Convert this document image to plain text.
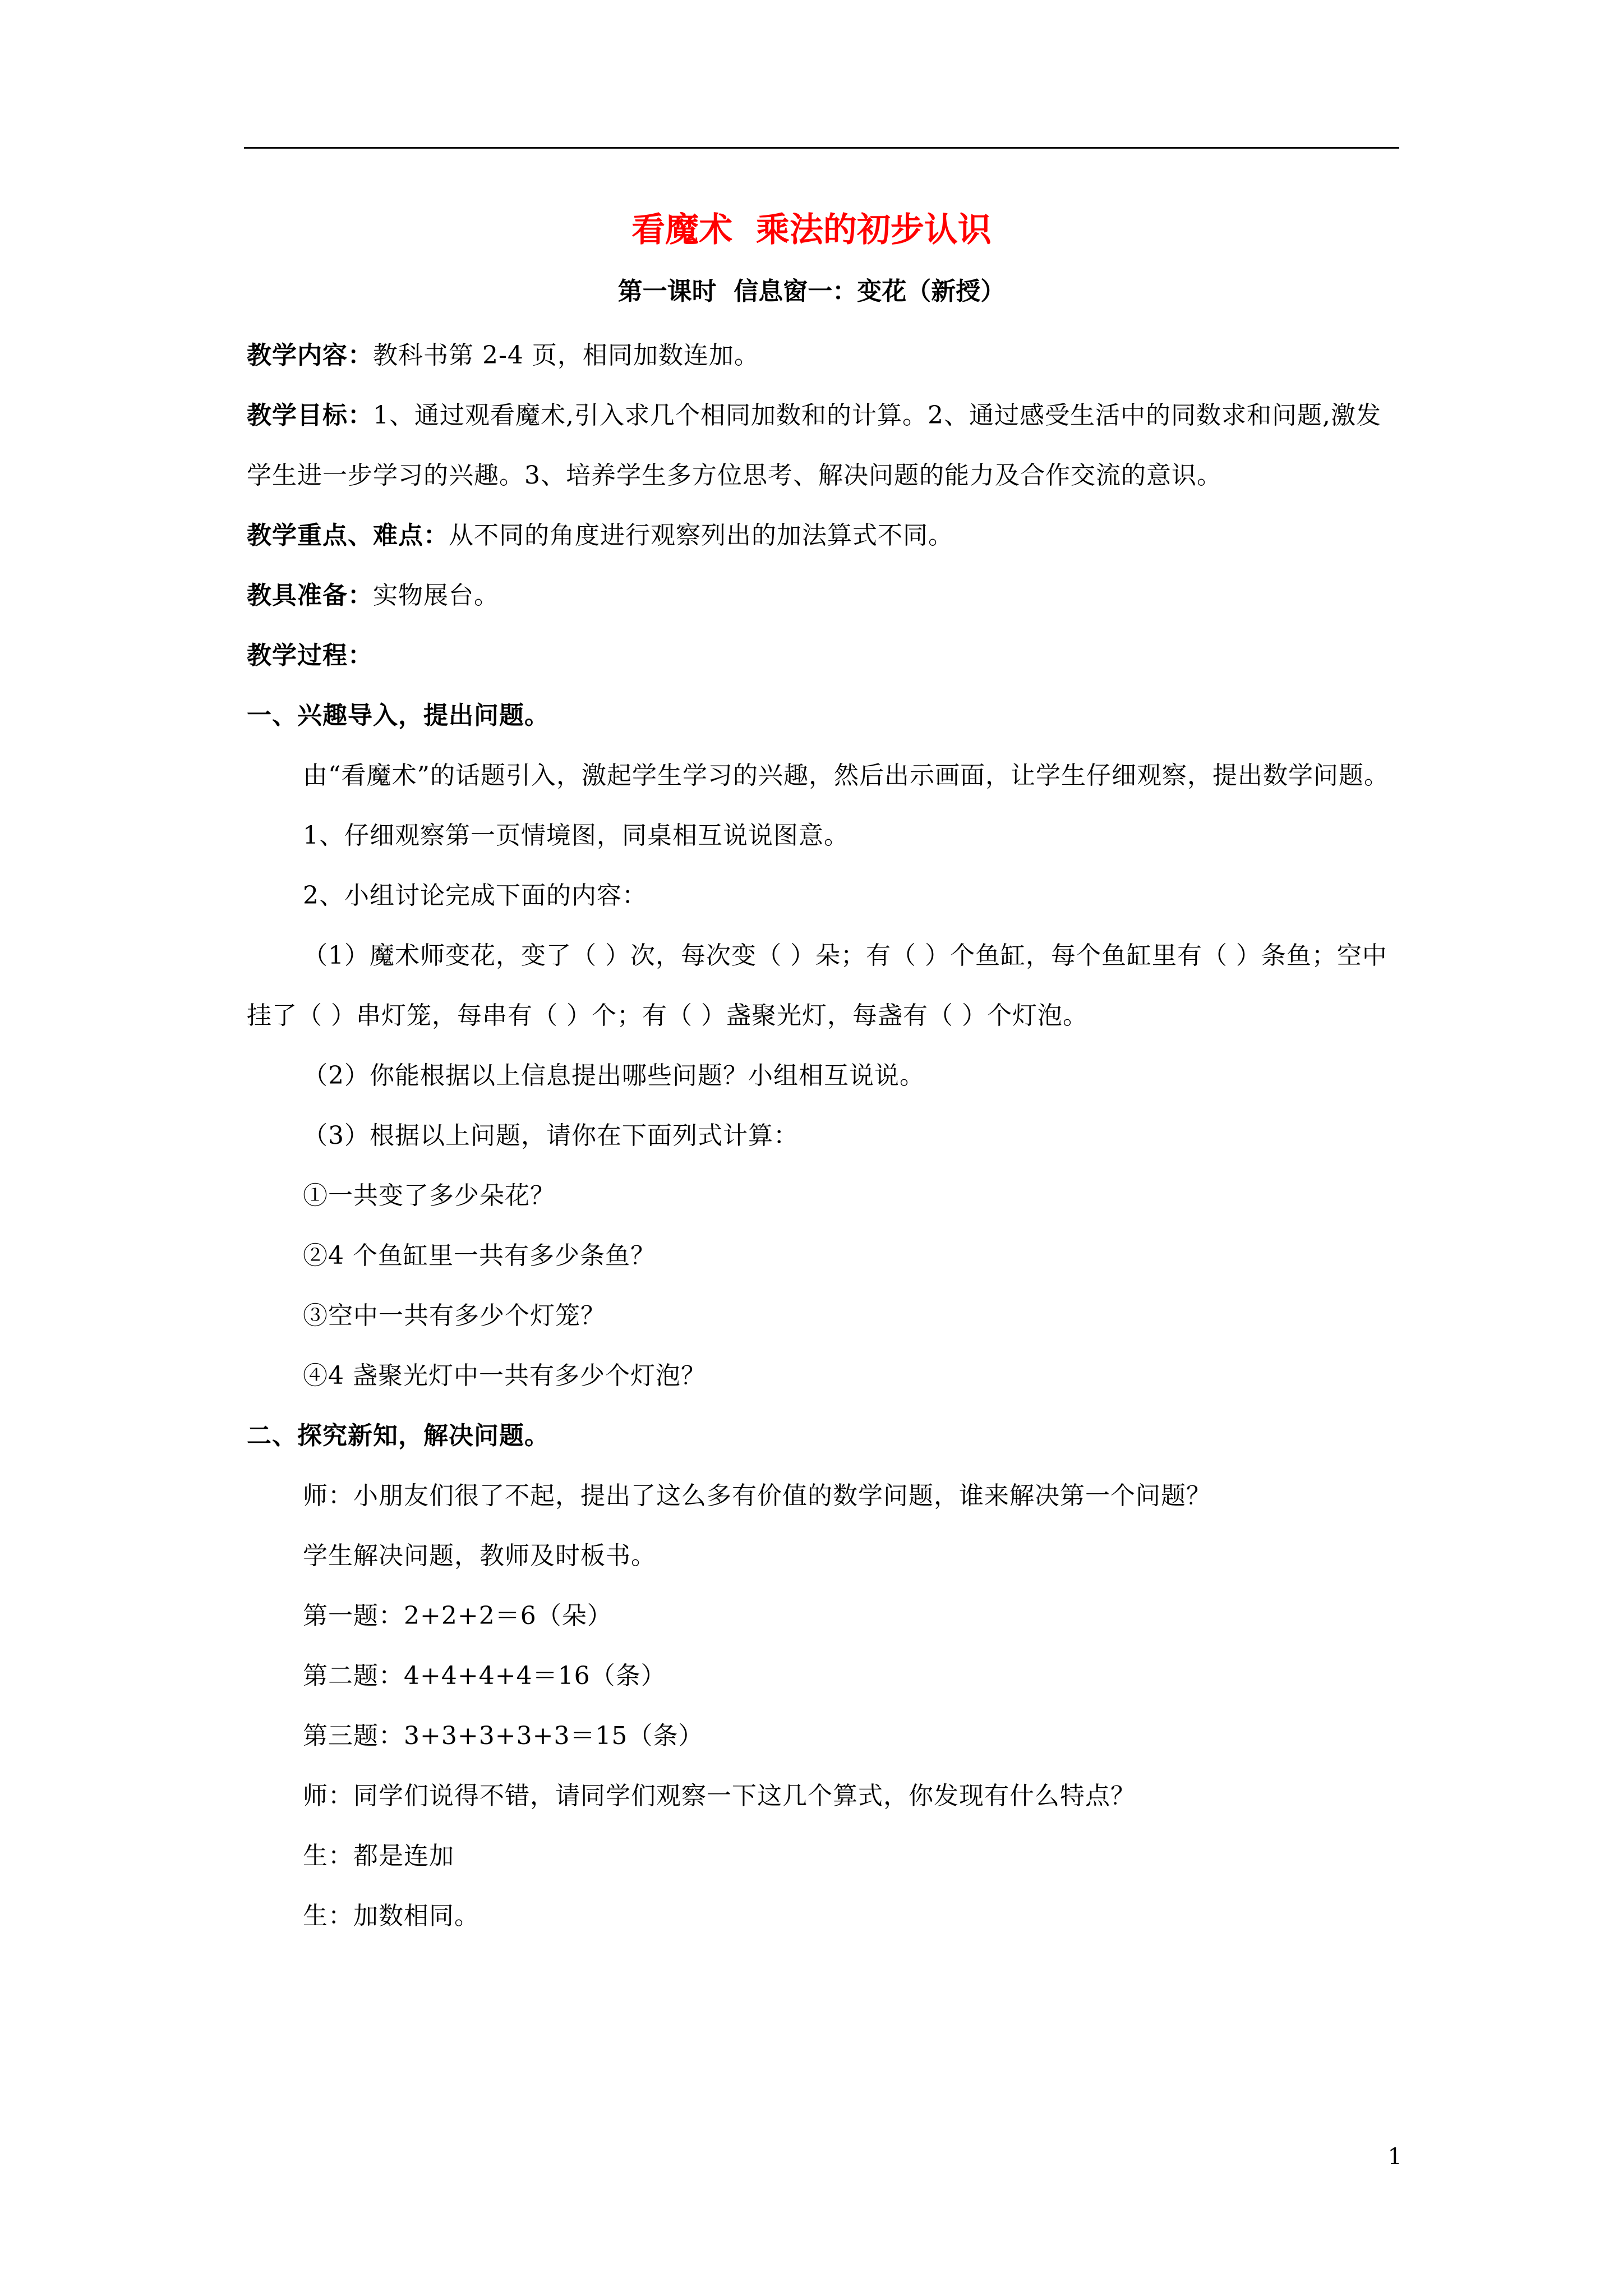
看魔术  乘法的初步认识
第一课时  信息窗一：变花（新授）

教学内容：教科书第 2-4 页，相同加数连加。

教学目标：1、通过观看魔术,引入求几个相同加数和的计算。2、通过感受生活中的同数求和问题,激发学生进一步学习的兴趣。3、培养学生多方位思考、解决问题的能力及合作交流的意识。

教学重点、难点：从不同的角度进行观察列出的加法算式不同。

教具准备：实物展台。

教学过程：

一、兴趣导入，提出问题。

由“看魔术”的话题引入，激起学生学习的兴趣，然后出示画面，让学生仔细观察，提出数学问题。

1、仔细观察第一页情境图，同桌相互说说图意。

2、小组讨论完成下面的内容：

（1）魔术师变花，变了（ ）次，每次变（ ）朵；有（ ）个鱼缸，每个鱼缸里有（ ）条鱼；空中挂了（ ）串灯笼，每串有（ ）个；有（ ）盏聚光灯，每盏有（ ）个灯泡。

（2）你能根据以上信息提出哪些问题？小组相互说说。

（3）根据以上问题，请你在下面列式计算：

①一共变了多少朵花？

②4 个鱼缸里一共有多少条鱼？

③空中一共有多少个灯笼？

④4 盏聚光灯中一共有多少个灯泡？

二、探究新知，解决问题。

师：小朋友们很了不起，提出了这么多有价值的数学问题，谁来解决第一个问题？

学生解决问题，教师及时板书。

第一题：2+2+2＝6（朵）

第二题：4+4+4+4＝16（条）

第三题：3+3+3+3+3＝15（条）

师：同学们说得不错，请同学们观察一下这几个算式，你发现有什么特点？

生：都是连加

生：加数相同。

1
